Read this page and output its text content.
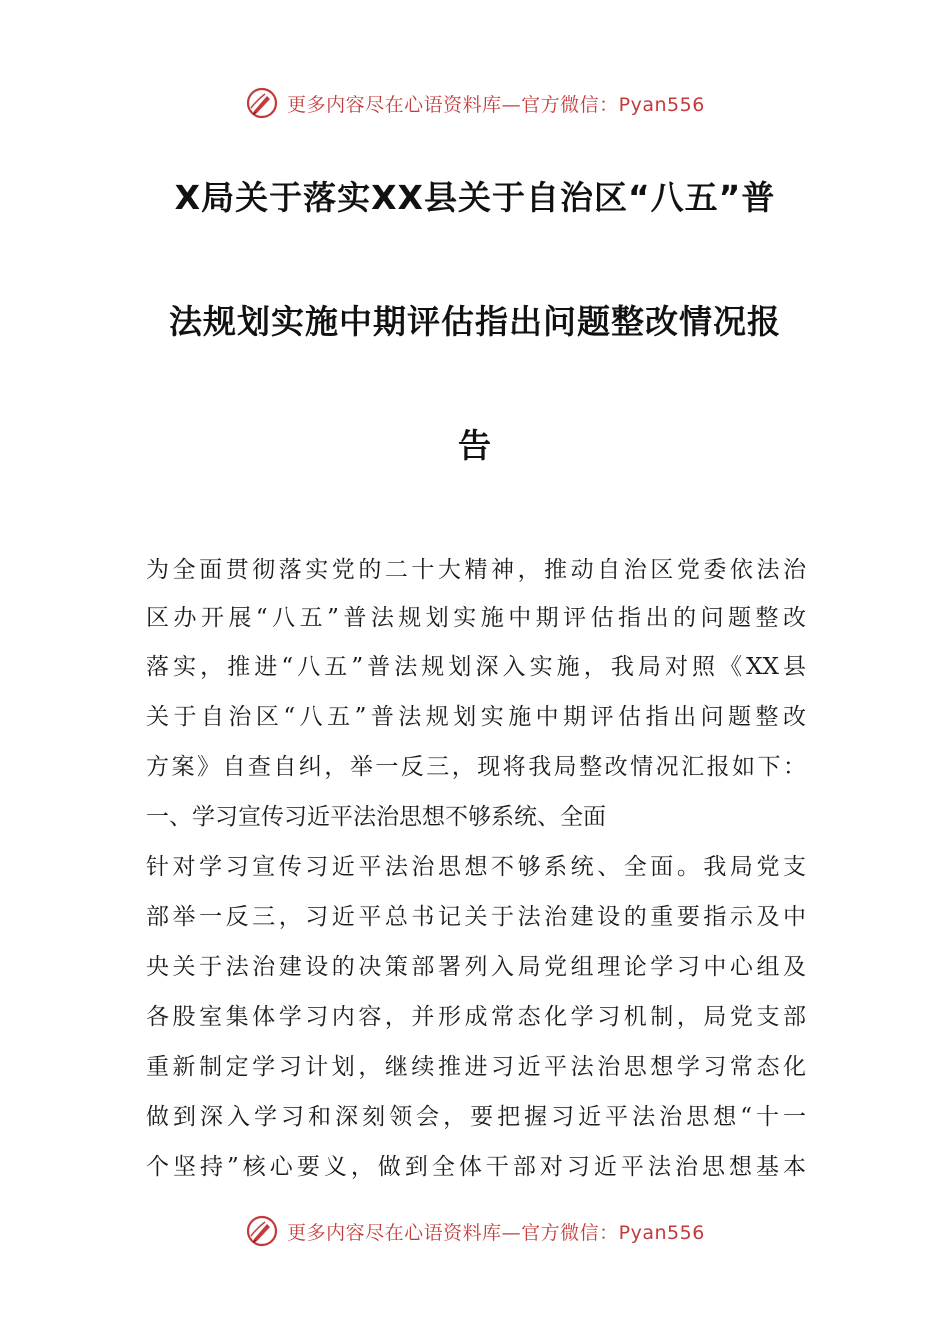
更多内容尽在心语资料库—官方微信：Pyan556
X局关于落实XX县关于自治区“八五”普
法规划实施中期评估指出问题整改情况报
告
为全面贯彻落实党的二十大精神，推动自治区党委依法治
区办开展“八五”普法规划实施中期评估指出的问题整改
落实，推进“八五”普法规划深入实施，我局对照《XX县
关于自治区“八五”普法规划实施中期评估指出问题整改
方案》自查自纠，举一反三，现将我局整改情况汇报如下：
一、学习宣传习近平法治思想不够系统、全面
针对学习宣传习近平法治思想不够系统、全面。我局党支
部举一反三，习近平总书记关于法治建设的重要指示及中
央关于法治建设的决策部署列入局党组理论学习中心组及
各股室集体学习内容，并形成常态化学习机制，局党支部
重新制定学习计划，继续推进习近平法治思想学习常态化
做到深入学习和深刻领会，要把握习近平法治思想“十一
个坚持”核心要义，做到全体干部对习近平法治思想基本
更多内容尽在心语资料库—官方微信：Pyan556
